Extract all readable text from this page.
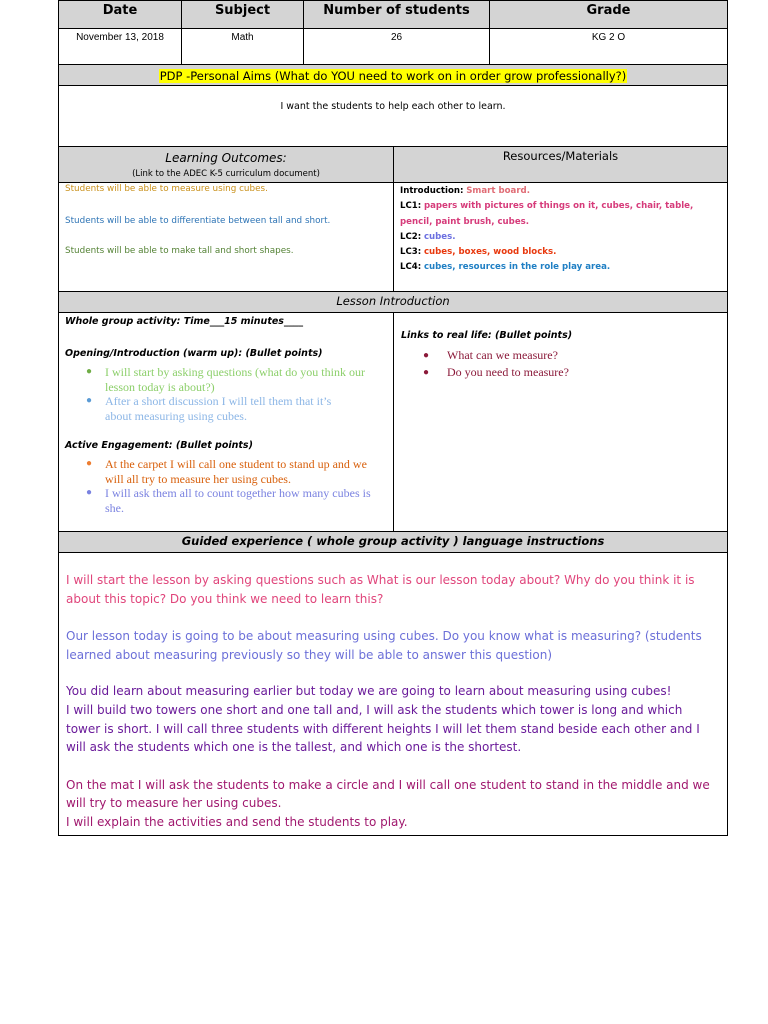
Date	Subject	Number of students	Grade
November 13, 2018	Math	26	KG 2 O
PDP -Personal Aims (What do YOU need to work on in order grow professionally?)
I want the students to help each other to learn.
Learning Outcomes:
(Link to the ADEC K-5 curriculum document)
Resources/Materials
Students will be able to measure using cubes.
Students will be able to differentiate between tall and short.
Students will be able to make tall and short shapes.
Introduction: Smart board.
LC1: papers with pictures of things on it, cubes, chair, table, pencil, paint brush, cubes.
LC2: cubes.
LC3: cubes, boxes, wood blocks.
LC4: cubes, resources in the role play area.
Lesson Introduction
Whole group activity: Time___15 minutes____
Opening/Introduction (warm up): (Bullet points)
● I will start by asking questions (what do you think our lesson today is about?)
● After a short discussion I will tell them that it’s about measuring using cubes.
Active Engagement: (Bullet points)
● At the carpet I will call one student to stand up and we will all try to measure her using cubes.
● I will ask them all to count together how many cubes is she.
Links to real life: (Bullet points)
● What can we measure?
● Do you need to measure?
Guided experience ( whole group activity ) language instructions

I will start the lesson by asking questions such as What is our lesson today about? Why do you think it is about this topic? Do you think we need to learn this?

Our lesson today is going to be about measuring using cubes. Do you know what is measuring? (students learned about measuring previously so they will be able to answer this question)

You did learn about measuring earlier but today we are going to learn about measuring using cubes!

I will build two towers one short and one tall and, I will ask the students which tower is long and which tower is short. I will call three students with different heights I will let them stand beside each other and I will ask the students which one is the tallest, and which one is the shortest.

On the mat I will ask the students to make a circle and I will call one student to stand in the middle and we will try to measure her using cubes.

I will explain the activities and send the students to play.
